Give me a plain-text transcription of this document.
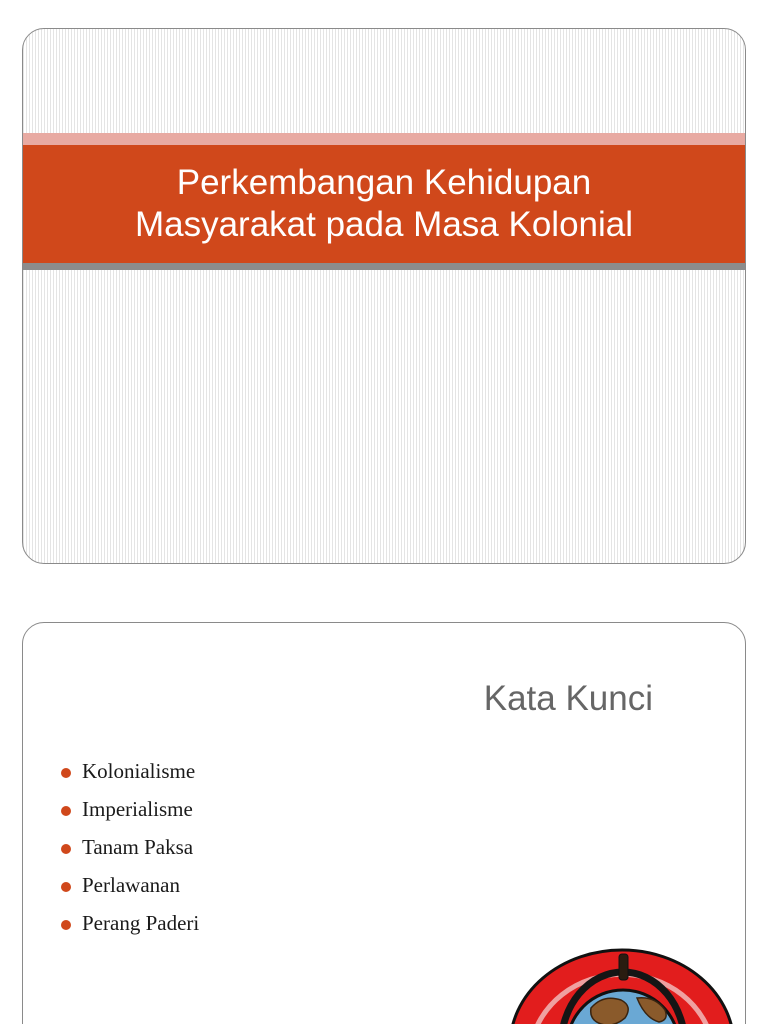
Perkembangan Kehidupan
Masyarakat pada Masa Kolonial
Kata Kunci
Kolonialisme
Imperialisme
Tanam Paksa
Perlawanan
Perang Paderi
